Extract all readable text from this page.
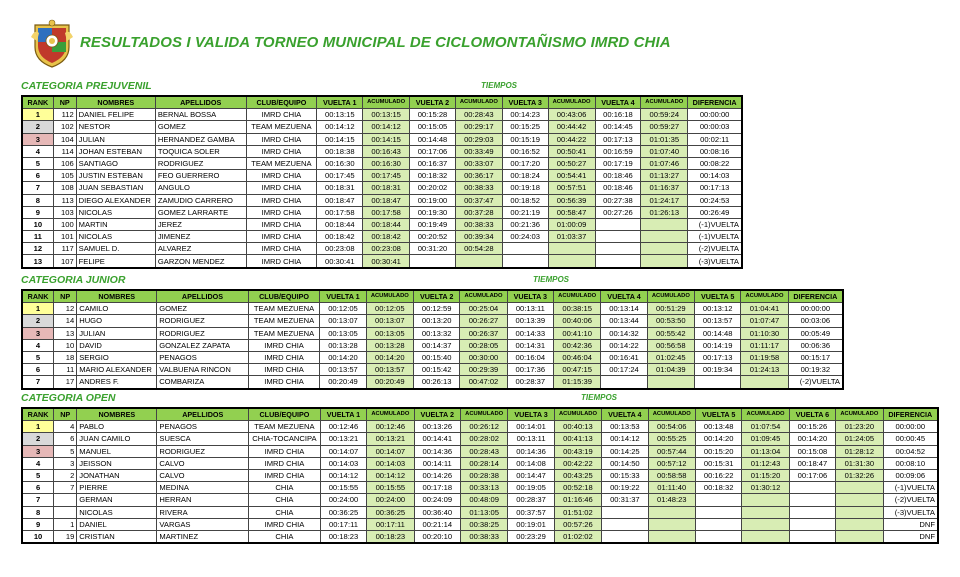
RESULTADOS I VALIDA TORNEO MUNICIPAL DE CICLOMONTAÑISMO IMRD CHIA
CATEGORIA PREJUVENIL	TIEMPOS
RANK	NP	NOMBRES	APELLIDOS	CLUB/EQUIPO	VUELTA 1	ACUMULADO	VUELTA 2	ACUMULADO	VUELTA 3	ACUMULADO	VUELTA 4	ACUMULADO	DIFERENCIA
1	112	DANIEL FELIPE	BERNAL BOSSA	IMRD CHIA	00:13:15	00:13:15	00:15:28	00:28:43	00:14:23	00:43:06	00:16:18	00:59:24	00:00:00
2	102	NESTOR	GOMEZ	TEAM MEZUENA	00:14:12	00:14:12	00:15:05	00:29:17	00:15:25	00:44:42	00:14:45	00:59:27	00:00:03
3	104	JULIAN	HERNANDEZ GAMBA	IMRD CHIA	00:14:15	00:14:15	00:14:48	00:29:03	00:15:19	00:44:22	00:17:13	01:01:35	00:02:11
4	114	JOHAN ESTEBAN	TOQUICA SOLER	IMRD CHIA	00:18:38	00:16:43	00:17:06	00:33:49	00:16:52	00:50:41	00:16:59	01:07:40	00:08:16
5	106	SANTIAGO	RODRIGUEZ	TEAM MEZUENA	00:16:30	00:16:30	00:16:37	00:33:07	00:17:20	00:50:27	00:17:19	01:07:46	00:08:22
6	105	JUSTIN ESTEBAN	FEO GUERRERO	IMRD CHIA	00:17:45	00:17:45	00:18:32	00:36:17	00:18:24	00:54:41	00:18:46	01:13:27	00:14:03
7	108	JUAN SEBASTIAN	ANGULO	IMRD CHIA	00:18:31	00:18:31	00:20:02	00:38:33	00:19:18	00:57:51	00:18:46	01:16:37	00:17:13
8	113	DIEGO ALEXANDER	ZAMUDIO CARRERO	IMRD CHIA	00:18:47	00:18:47	00:19:00	00:37:47	00:18:52	00:56:39	00:27:38	01:24:17	00:24:53
9	103	NICOLAS	GOMEZ LARRARTE	IMRD CHIA	00:17:58	00:17:58	00:19:30	00:37:28	00:21:19	00:58:47	00:27:26	01:26:13	00:26:49
10	100	MARTIN	JEREZ	IMRD CHIA	00:18:44	00:18:44	00:19:49	00:38:33	00:21:36	01:00:09			(-1)VUELTA
11	101	NICOLAS	JIMENEZ	IMRD CHIA	00:18:42	00:18:42	00:20:52	00:39:34	00:24:03	01:03:37			(-1)VUELTA
12	117	SAMUEL D.	ALVAREZ	IMRD CHIA	00:23:08	00:23:08	00:31:20	00:54:28					(-2)VUELTA
13	107	FELIPE	GARZON MENDEZ	IMRD CHIA	00:30:41	00:30:41							(-3)VUELTA
CATEGORIA JUNIOR	TIEMPOS
RANK	NP	NOMBRES	APELLIDOS	CLUB/EQUIPO	VUELTA 1	ACUMULADO	VUELTA 2	ACUMULADO	VUELTA 3	ACUMULADO	VUELTA 4	ACUMULADO	VUELTA 5	ACUMULADO	DIFERENCIA
1	12	CAMILO	GOMEZ	TEAM MEZUENA	00:12:05	00:12:05	00:12:59	00:25:04	00:13:11	00:38:15	00:13:14	00:51:29	00:13:12	01:04:41	00:00:00
2	14	HUGO	RODRIGUEZ	TEAM MEZUENA	00:13:07	00:13:07	00:13:20	00:26:27	00:13:39	00:40:06	00:13:44	00:53:50	00:13:57	01:07:47	00:03:06
3	13	JULIAN	RODRIGUEZ	TEAM MEZUENA	00:13:05	00:13:05	00:13:32	00:26:37	00:14:33	00:41:10	00:14:32	00:55:42	00:14:48	01:10:30	00:05:49
4	10	DAVID	GONZALEZ ZAPATA	IMRD CHIA	00:13:28	00:13:28	00:14:37	00:28:05	00:14:31	00:42:36	00:14:22	00:56:58	00:14:19	01:11:17	00:06:36
5	18	SERGIO	PENAGOS	IMRD CHIA	00:14:20	00:14:20	00:15:40	00:30:00	00:16:04	00:46:04	00:16:41	01:02:45	00:17:13	01:19:58	00:15:17
6	11	MARIO ALEXANDER	VALBUENA RINCON	IMRD CHIA	00:13:57	00:13:57	00:15:42	00:29:39	00:17:36	00:47:15	00:17:24	01:04:39	00:19:34	01:24:13	00:19:32
7	17	ANDRES F.	COMBARIZA	IMRD CHIA	00:20:49	00:20:49	00:26:13	00:47:02	00:28:37	01:15:39					(-2)VUELTA
CATEGORIA OPEN	TIEMPOS
RANK	NP	NOMBRES	APELLIDOS	CLUB/EQUIPO	VUELTA 1	ACUMULADO	VUELTA 2	ACUMULADO	VUELTA 3	ACUMULADO	VUELTA 4	ACUMULADO	VUELTA 5	ACUMULADO	VUELTA 6	ACUMULADO	DIFERENCIA
1	4	PABLO	PENAGOS	TEAM MEZUENA	00:12:46	00:12:46	00:13:26	00:26:12	00:14:01	00:40:13	00:13:53	00:54:06	00:13:48	01:07:54	00:15:26	01:23:20	00:00:00
2	6	JUAN CAMILO	SUESCA	CHIA-TOCANCIPA	00:13:21	00:13:21	00:14:41	00:28:02	00:13:11	00:41:13	00:14:12	00:55:25	00:14:20	01:09:45	00:14:20	01:24:05	00:00:45
3	5	MANUEL	RODRIGUEZ	IMRD CHIA	00:14:07	00:14:07	00:14:36	00:28:43	00:14:36	00:43:19	00:14:25	00:57:44	00:15:20	01:13:04	00:15:08	01:28:12	00:04:52
4	3	JEISSON	CALVO	IMRD CHIA	00:14:03	00:14:03	00:14:11	00:28:14	00:14:08	00:42:22	00:14:50	00:57:12	00:15:31	01:12:43	00:18:47	01:31:30	00:08:10
5	2	JONATHAN	CALVO	IMRD CHIA	00:14:12	00:14:12	00:14:26	00:28:38	00:14:47	00:43:25	00:15:33	00:58:58	00:16:22	01:15:20	00:17:06	01:32:26	00:09:06
6	7	PIERRE	MEDINA	CHIA	00:15:55	00:15:55	00:17:18	00:33:13	00:19:05	00:52:18	00:19:22	01:11:40	00:18:32	01:30:12			(-1)VUELTA
7		GERMAN	HERRAN	CHIA	00:24:00	00:24:00	00:24:09	00:48:09	00:28:37	01:16:46	00:31:37	01:48:23					(-2)VUELTA
8		NICOLAS	RIVERA	CHIA	00:36:25	00:36:25	00:36:40	01:13:05	00:37:57	01:51:02							(-3)VUELTA
9	1	DANIEL	VARGAS	IMRD CHIA	00:17:11	00:17:11	00:21:14	00:38:25	00:19:01	00:57:26							DNF
10	19	CRISTIAN	MARTINEZ	CHIA	00:18:23	00:18:23	00:20:10	00:38:33	00:23:29	01:02:02							DNF
